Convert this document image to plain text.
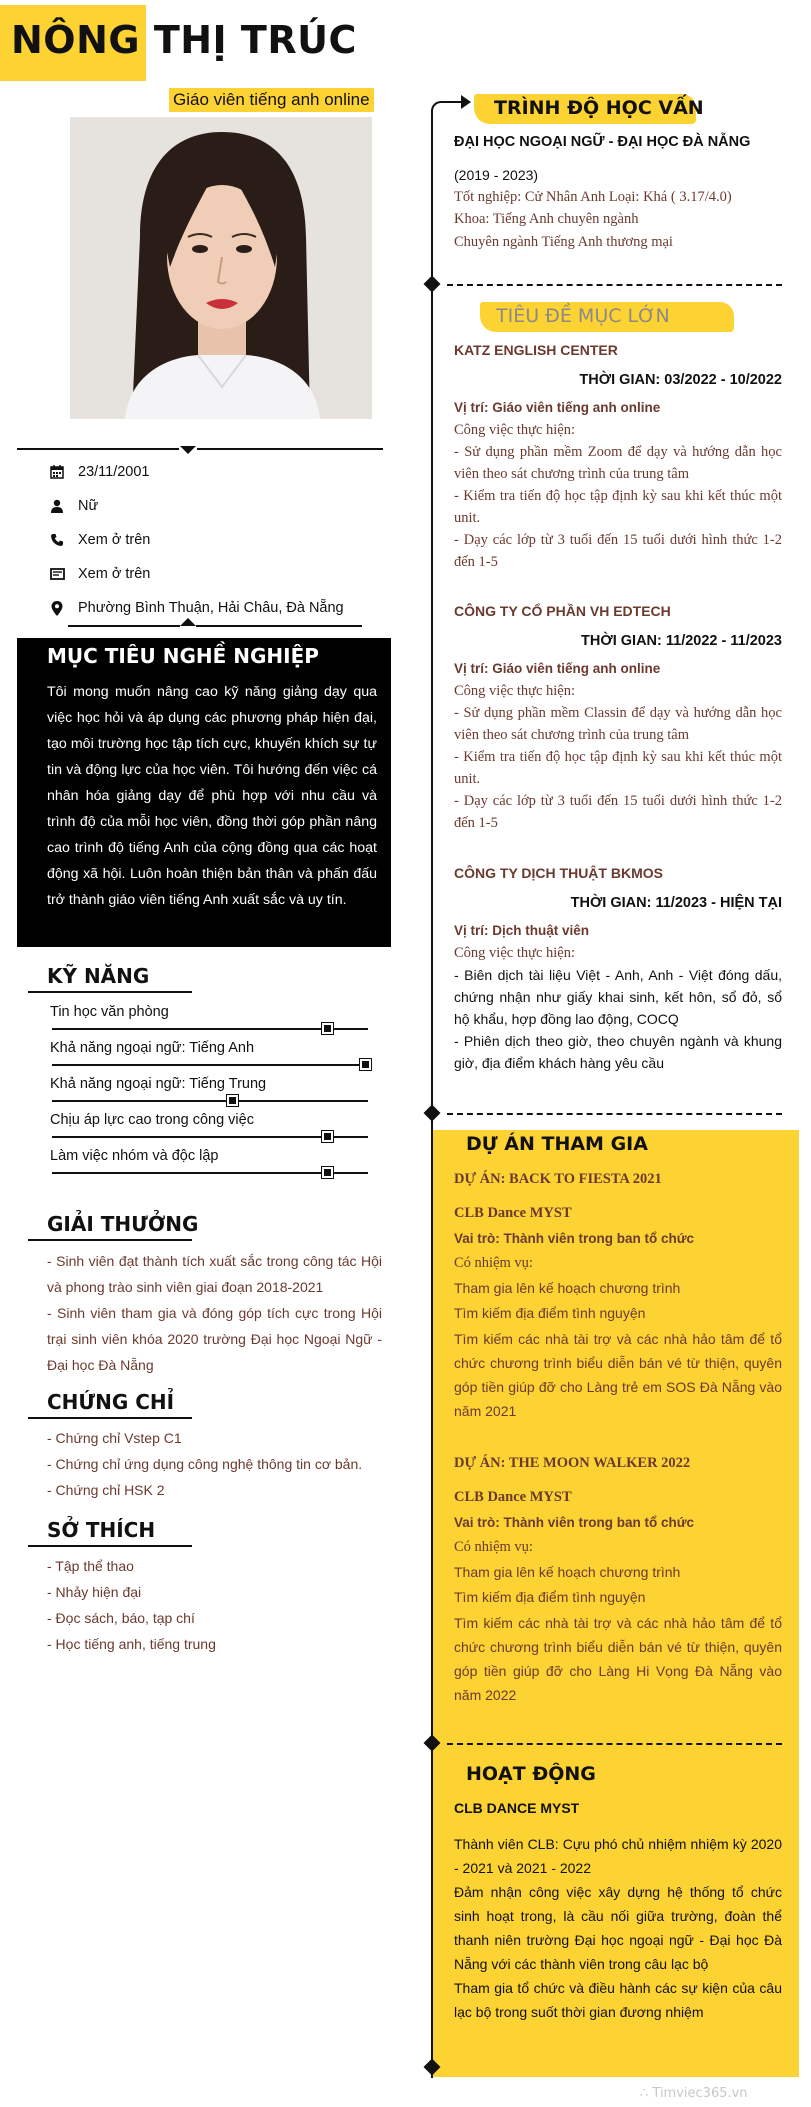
NÔNG THỊ TRÚC
Giáo viên tiếng anh online
23/11/2001
Nữ
Xem ở trên
Xem ở trên
Phường Bình Thuận, Hải Châu, Đà Nẵng
MỤC TIÊU NGHỀ NGHIỆP
Tôi mong muốn nâng cao kỹ năng giảng dạy qua việc học hỏi và áp dụng các phương pháp hiện đại, tạo môi trường học tập tích cực, khuyến khích sự tự tin và động lực của học viên. Tôi hướng đến việc cá nhân hóa giảng dạy để phù hợp với nhu cầu và trình độ của mỗi học viên, đồng thời góp phần nâng cao trình độ tiếng Anh của cộng đồng qua các hoạt động xã hội. Luôn hoàn thiện bản thân và phấn đấu trở thành giáo viên tiếng Anh xuất sắc và uy tín.
KỸ NĂNG
Tin học văn phòng
Khả năng ngoại ngữ: Tiếng Anh
Khả năng ngoại ngữ: Tiếng Trung
Chịu áp lực cao trong công việc
Làm việc nhóm và độc lập
GIẢI THƯỞNG
- Sinh viên đạt thành tích xuất sắc trong công tác Hội và phong trào sinh viên giai đoạn 2018-2021
- Sinh viên tham gia và đóng góp tích cực trong Hội trại sinh viên khóa 2020 trường Đại học Ngoại Ngữ - Đại học Đà Nẵng
CHỨNG CHỈ
- Chứng chỉ Vstep C1
- Chứng chỉ ứng dụng công nghệ thông tin cơ bản.
- Chứng chỉ HSK 2
SỞ THÍCH
- Tập thể thao
- Nhảy hiện đại
- Đọc sách, báo, tạp chí
- Học tiếng anh, tiếng trung
TRÌNH ĐỘ HỌC VẤN
ĐẠI HỌC NGOẠI NGỮ - ĐẠI HỌC ĐÀ NẴNG
(2019 - 2023)
Tốt nghiệp: Cử Nhân Anh Loại: Khá ( 3.17/4.0)
Khoa: Tiếng Anh chuyên ngành
Chuyên ngành Tiếng Anh thương mại
TIÊU ĐỀ MỤC LỚN
KATZ ENGLISH CENTER
THỜI GIAN: 03/2022 - 10/2022
Vị trí: Giáo viên tiếng anh online
Công việc thực hiện:
- Sử dụng phần mềm Zoom để dạy và hướng dẫn học viên theo sát chương trình của trung tâm
- Kiểm tra tiến độ học tập định kỳ sau khi kết thúc một unit.
- Dạy các lớp từ 3 tuổi đến 15 tuổi dưới hình thức 1-2 đến 1-5
CÔNG TY CỔ PHẦN VH EDTECH
THỜI GIAN: 11/2022 - 11/2023
Vị trí: Giáo viên tiếng anh online
Công việc thực hiện:
- Sử dụng phần mềm Classin để dạy và hướng dẫn học viên theo sát chương trình của trung tâm
- Kiểm tra tiến độ học tập định kỳ sau khi kết thúc một unit.
- Dạy các lớp từ 3 tuổi đến 15 tuổi dưới hình thức 1-2 đến 1-5
CÔNG TY DỊCH THUẬT BKMOS
THỜI GIAN: 11/2023 - HIỆN TẠI
Vị trí: Dịch thuật viên
Công việc thực hiện:
- Biên dịch tài liệu Việt - Anh, Anh - Việt đóng dấu, chứng nhận như giấy khai sinh, kết hôn, sổ đỏ, sổ hộ khẩu, hợp đồng lao động, COCQ
- Phiên dịch theo giờ, theo chuyên ngành và khung giờ, địa điểm khách hàng yêu cầu
DỰ ÁN THAM GIA
DỰ ÁN: BACK TO FIESTA 2021
CLB Dance MYST
Vai trò: Thành viên trong ban tổ chức
Có nhiệm vụ:
Tham gia lên kế hoạch chương trình
Tìm kiếm địa điểm tình nguyện
Tìm kiếm các nhà tài trợ và các nhà hảo tâm để tổ chức chương trình biểu diễn bán vé từ thiện, quyên góp tiền giúp đỡ cho Làng trẻ em SOS Đà Nẵng vào năm 2021
DỰ ÁN: THE MOON WALKER 2022
CLB Dance MYST
Vai trò: Thành viên trong ban tổ chức
Có nhiệm vụ:
Tham gia lên kế hoạch chương trình
Tìm kiếm địa điểm tình nguyện
Tìm kiếm các nhà tài trợ và các nhà hảo tâm để tổ chức chương trình biểu diễn bán vé từ thiện, quyên góp tiền giúp đỡ cho Làng Hi Vọng Đà Nẵng vào năm 2022
HOẠT ĐỘNG
CLB DANCE MYST
Thành viên CLB: Cựu phó chủ nhiệm nhiệm kỳ 2020 - 2021 và 2021 - 2022
Đảm nhận công việc xây dựng hệ thống tổ chức sinh hoạt trong, là cầu nối giữa trường, đoàn thể thanh niên trường Đại học ngoại ngữ - Đại học Đà Nẵng với các thành viên trong câu lạc bộ
Tham gia tổ chức và điều hành các sự kiện của câu lạc bộ trong suốt thời gian đương nhiệm
∴ Timviec365.vn
